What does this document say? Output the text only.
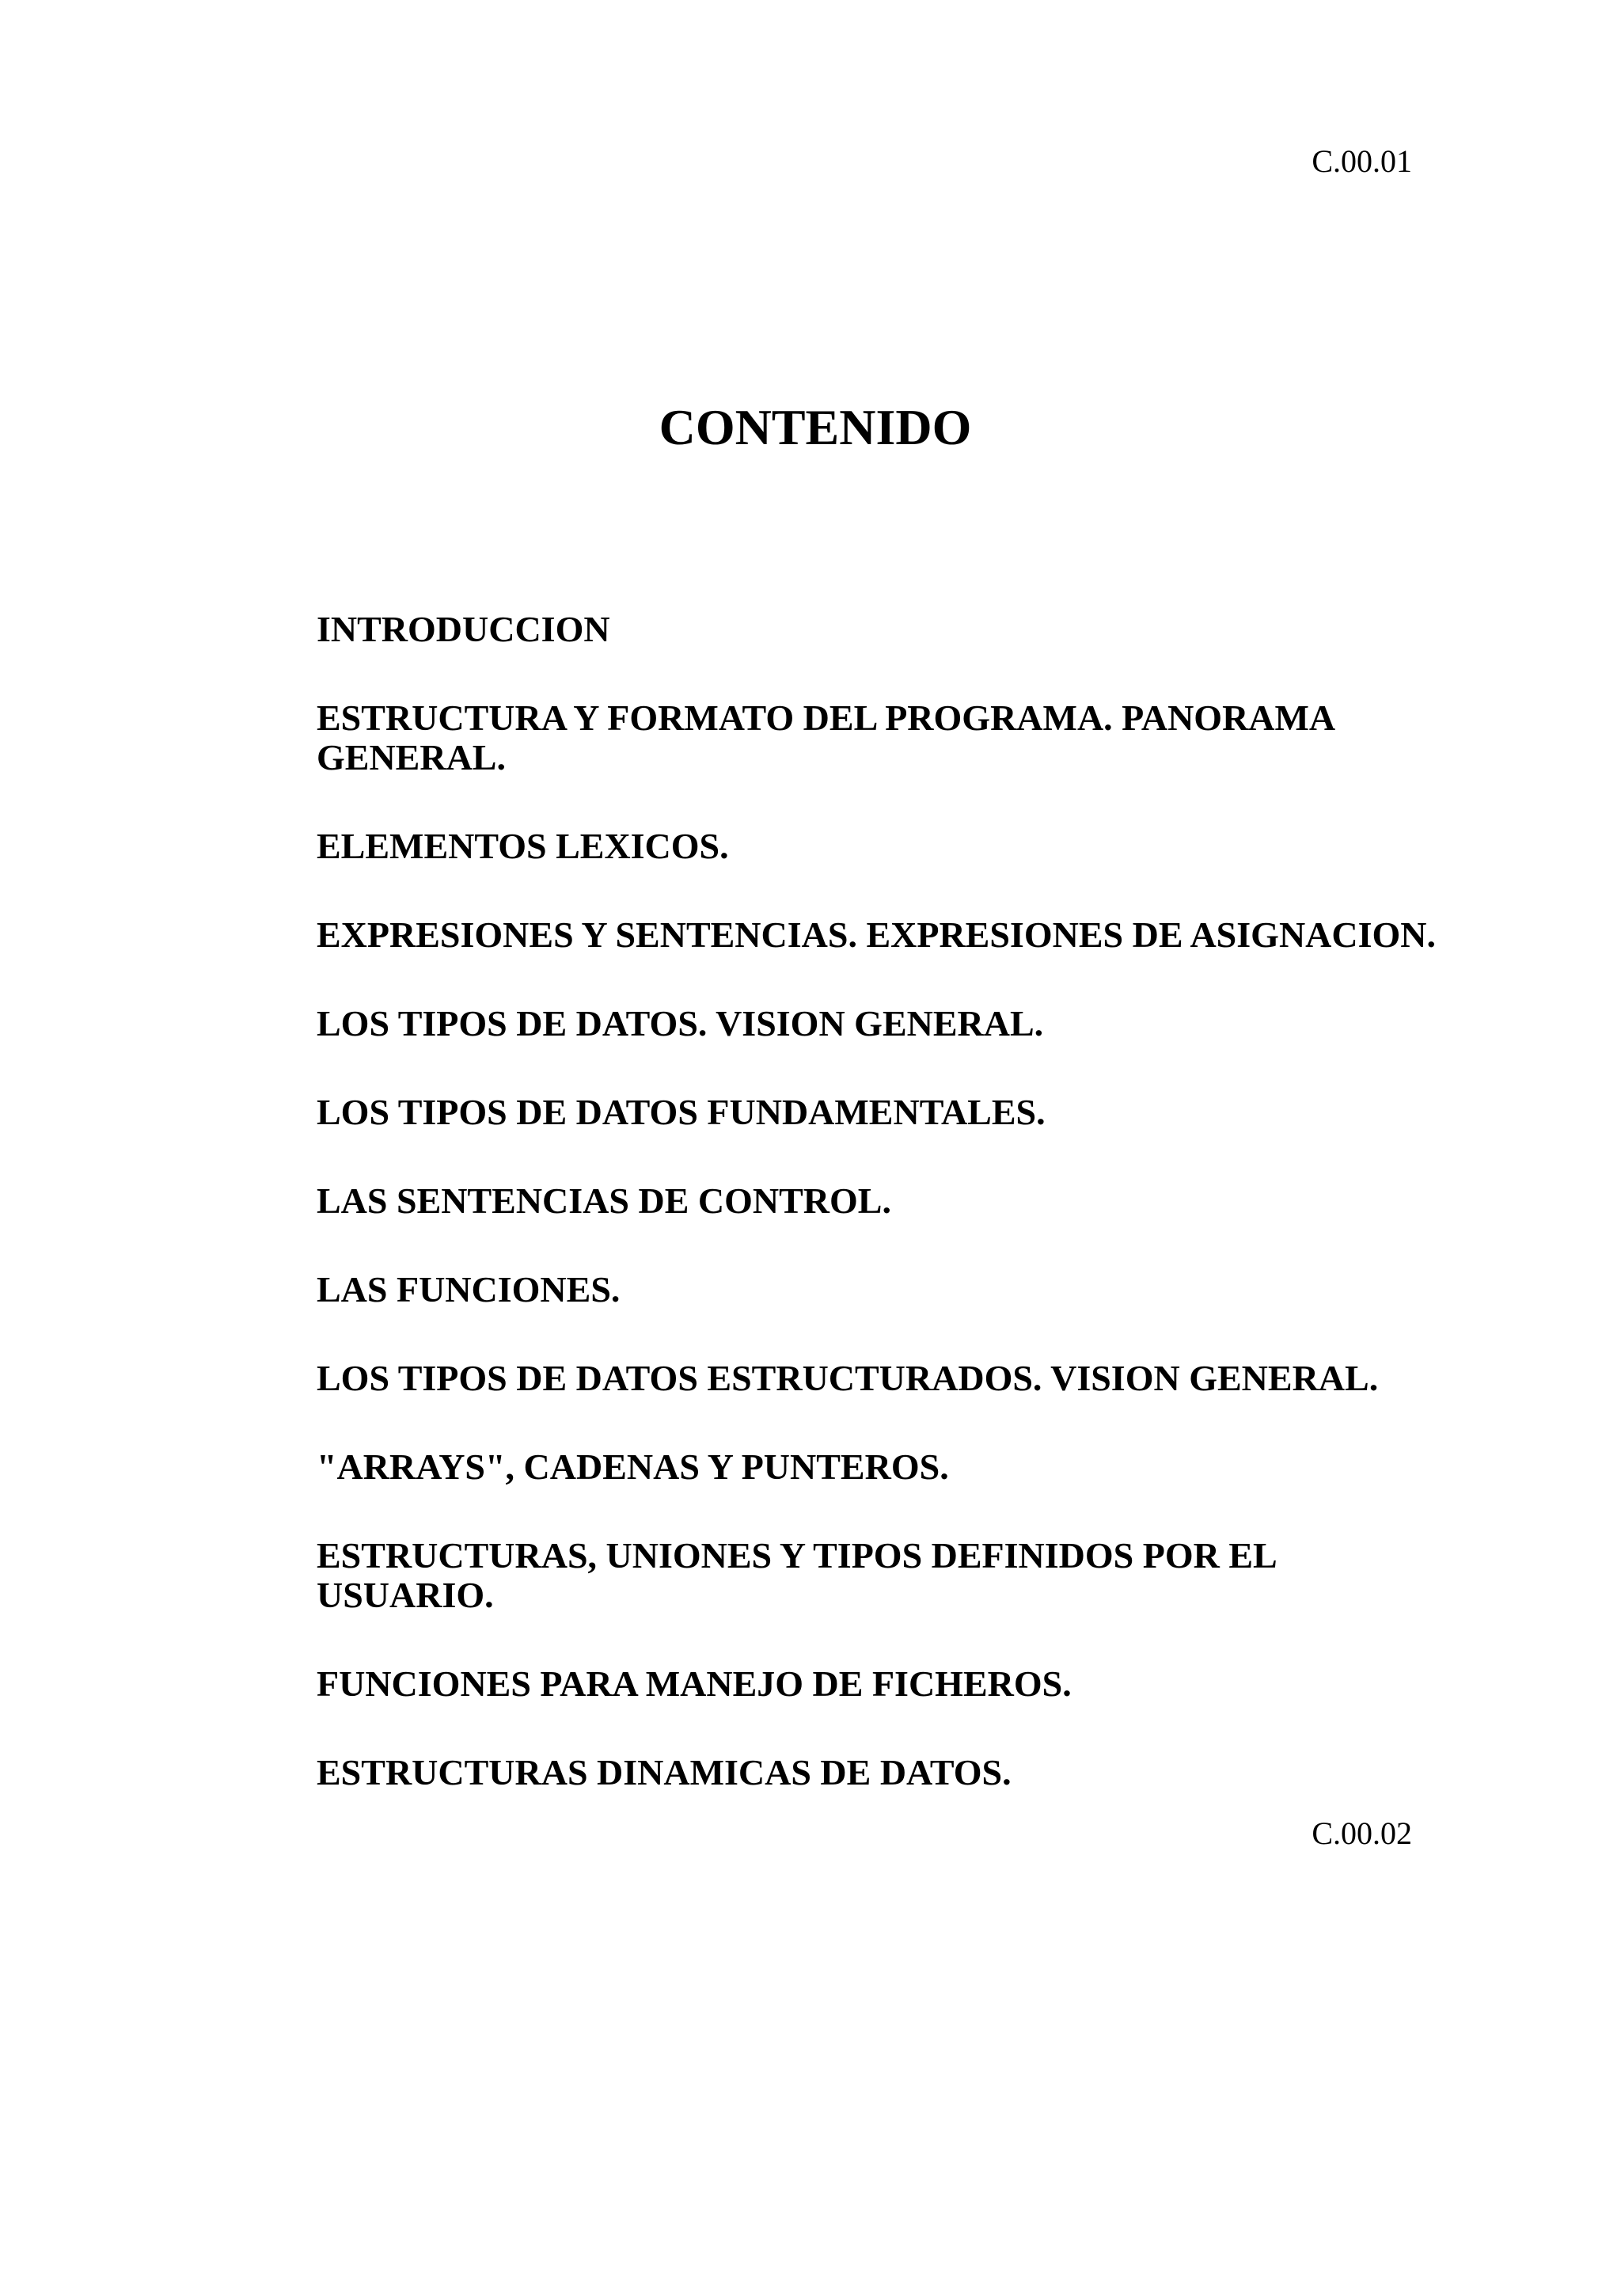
C.00.01
CONTENIDO
INTRODUCCION
ESTRUCTURA Y FORMATO DEL PROGRAMA. PANORAMA GENERAL.
ELEMENTOS LEXICOS.
EXPRESIONES Y SENTENCIAS. EXPRESIONES DE ASIGNACION.
LOS TIPOS DE DATOS. VISION GENERAL.
LOS TIPOS DE DATOS FUNDAMENTALES.
LAS SENTENCIAS DE CONTROL.
LAS FUNCIONES.
LOS TIPOS DE DATOS ESTRUCTURADOS. VISION GENERAL.
"ARRAYS", CADENAS Y PUNTEROS.
ESTRUCTURAS, UNIONES Y TIPOS DEFINIDOS POR EL USUARIO.
FUNCIONES PARA MANEJO DE FICHEROS.
ESTRUCTURAS DINAMICAS DE DATOS.
C.00.02
